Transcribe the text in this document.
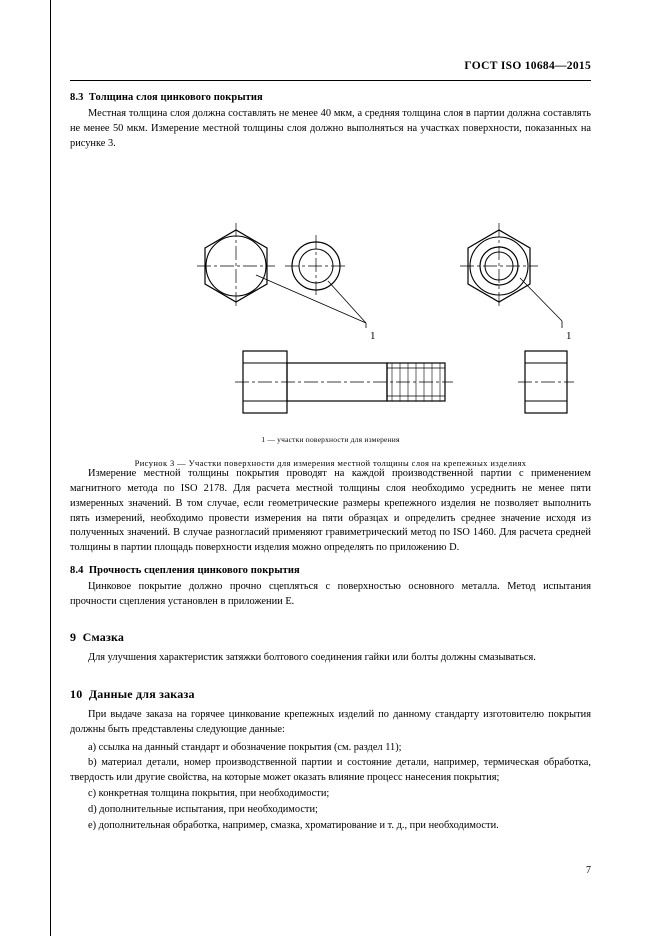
ГОСТ ISO 10684—2015
8.3 Толщина слоя цинкового покрытия

Местная толщина слоя должна составлять не менее 40 мкм, а средняя толщина слоя в партии должна составлять не менее 50 мкм. Измерение местной толщины слоя должно выполняться на участках поверхности, показанных на рисунке 3.

1	1
1 — участки поверхности для измерения
Рисунок 3 — Участки поверхности для измерения местной толщины слоя на крепежных изделиях

Измерение местной толщины покрытия проводят на каждой производственной партии с применением магнитного метода по ISO 2178. Для расчета местной толщины слоя необходимо усреднить не менее пяти измеренных значений. В том случае, если геометрические размеры крепежного изделия не позволяет выполнить пять измерений, необходимо провести измерения на пяти образцах и определить среднее значение исходя из полученных значений. В случае разногласий применяют гравиметрический метод по ISO 1460. Для расчета средней толщины в партии площадь поверхности изделия можно определять по приложению D.

8.4 Прочность сцепления цинкового покрытия

Цинковое покрытие должно прочно сцепляться с поверхностью основного металла. Метод испытания прочности сцепления установлен в приложении E.

9 Смазка

Для улучшения характеристик затяжки болтового соединения гайки или болты должны смазываться.

10 Данные для заказа

При выдаче заказа на горячее цинкование крепежных изделий по данному стандарту изготовителю покрытия должны быть представлены следующие данные:

a) ссылка на данный стандарт и обозначение покрытия (см. раздел 11);

b) материал детали, номер производственной партии и состояние детали, например, термическая обработка, твердость или другие свойства, на которые может оказать влияние процесс нанесения покрытия;

c) конкретная толщина покрытия, при необходимости;

d) дополнительные испытания, при необходимости;

e) дополнительная обработка, например, смазка, хроматирование и т. д., при необходимости.

7
